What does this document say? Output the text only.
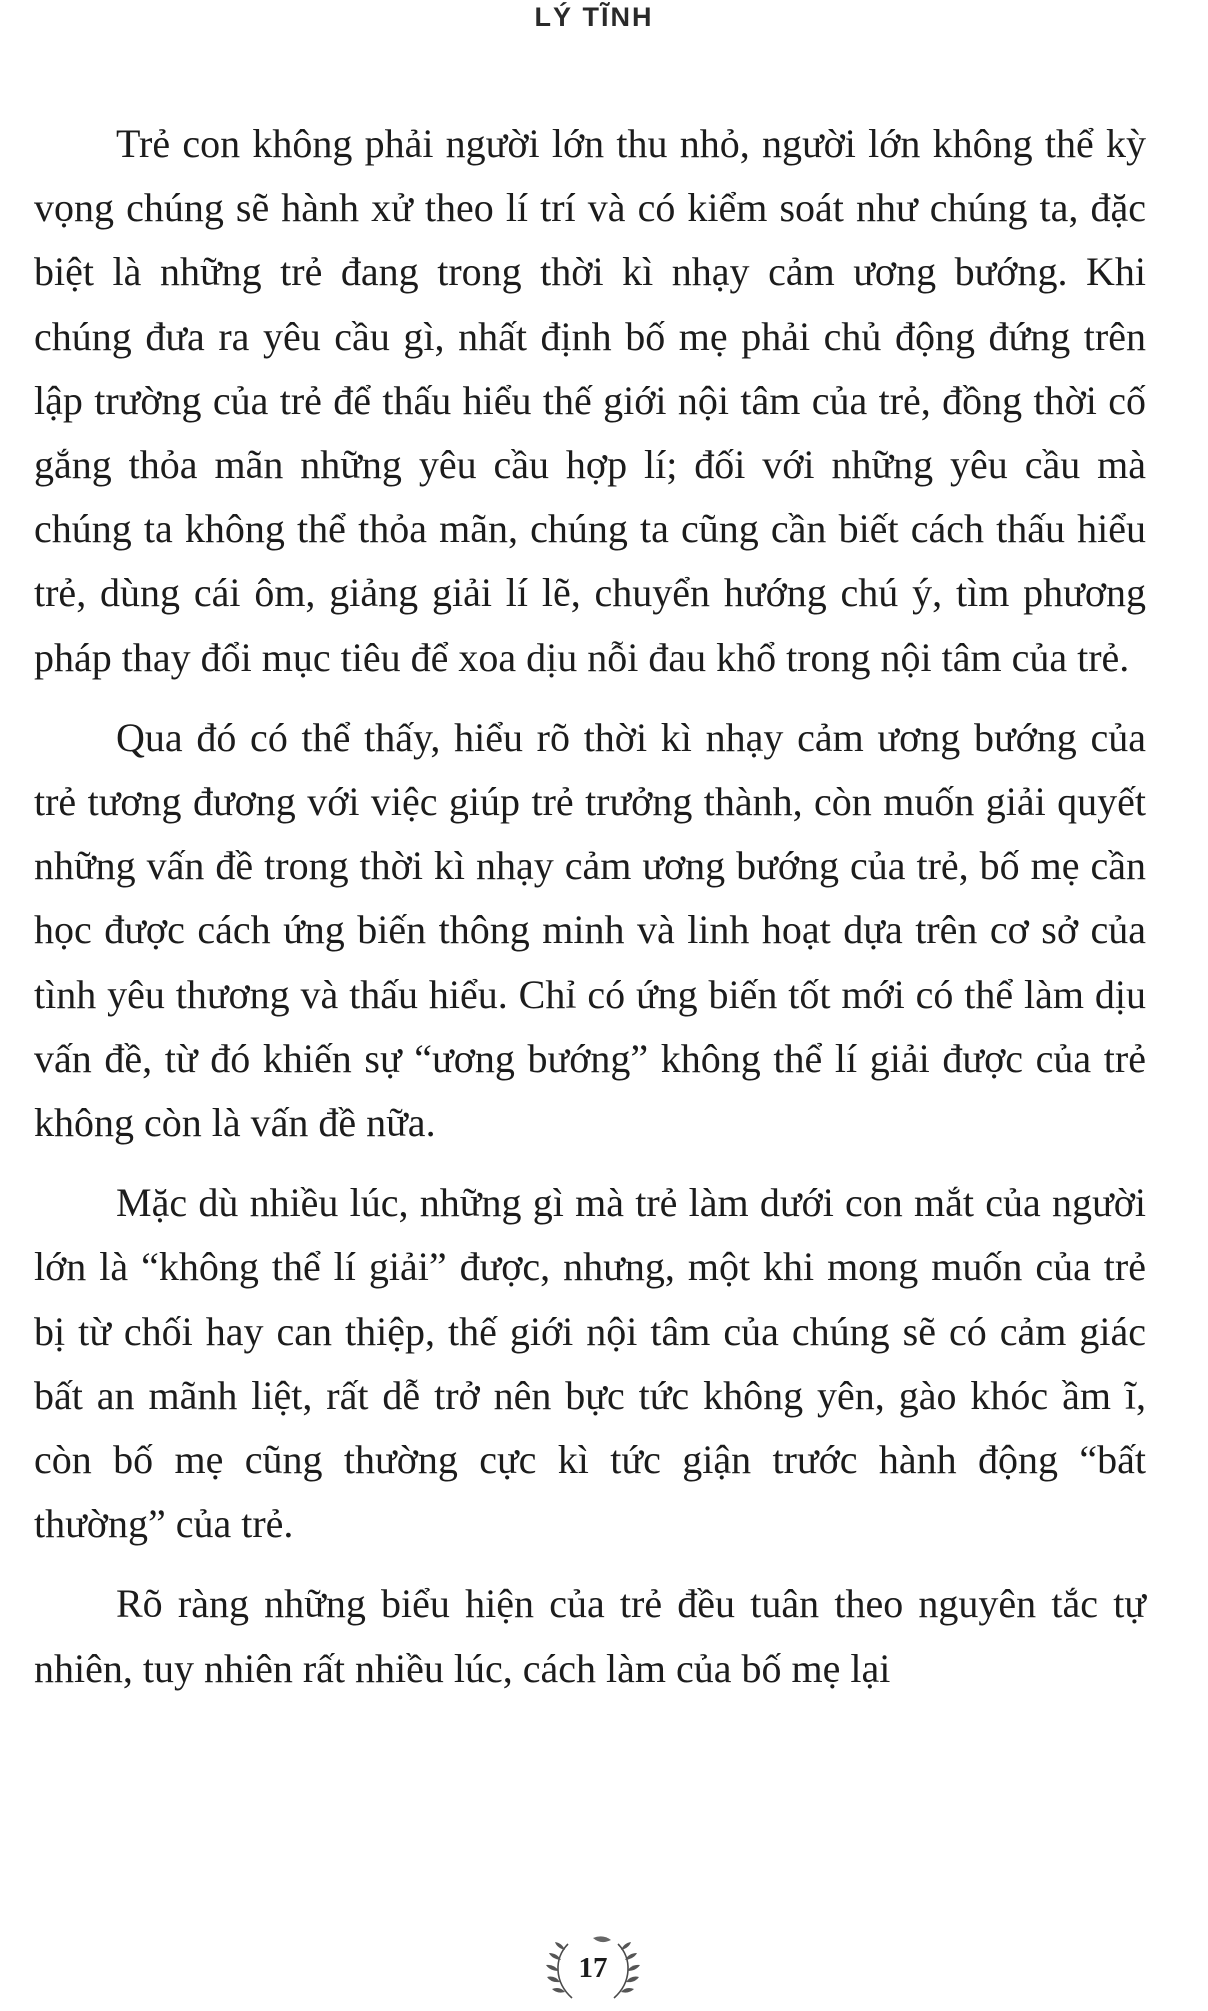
LÝ TĨNH

Trẻ con không phải người lớn thu nhỏ, người lớn không thể kỳ vọng chúng sẽ hành xử theo lí trí và có kiểm soát như chúng ta, đặc biệt là những trẻ đang trong thời kì nhạy cảm ương bướng. Khi chúng đưa ra yêu cầu gì, nhất định bố mẹ phải chủ động đứng trên lập trường của trẻ để thấu hiểu thế giới nội tâm của trẻ, đồng thời cố gắng thỏa mãn những yêu cầu hợp lí; đối với những yêu cầu mà chúng ta không thể thỏa mãn, chúng ta cũng cần biết cách thấu hiểu trẻ, dùng cái ôm, giảng giải lí lẽ, chuyển hướng chú ý, tìm phương pháp thay đổi mục tiêu để xoa dịu nỗi đau khổ trong nội tâm của trẻ.

Qua đó có thể thấy, hiểu rõ thời kì nhạy cảm ương bướng của trẻ tương đương với việc giúp trẻ trưởng thành, còn muốn giải quyết những vấn đề trong thời kì nhạy cảm ương bướng của trẻ, bố mẹ cần học được cách ứng biến thông minh và linh hoạt dựa trên cơ sở của tình yêu thương và thấu hiểu. Chỉ có ứng biến tốt mới có thể làm dịu vấn đề, từ đó khiến sự “ương bướng” không thể lí giải được của trẻ không còn là vấn đề nữa.

Mặc dù nhiều lúc, những gì mà trẻ làm dưới con mắt của người lớn là “không thể lí giải” được, nhưng, một khi mong muốn của trẻ bị từ chối hay can thiệp, thế giới nội tâm của chúng sẽ có cảm giác bất an mãnh liệt, rất dễ trở nên bực tức không yên, gào khóc ầm ĩ, còn bố mẹ cũng thường cực kì tức giận trước hành động “bất thường” của trẻ.

Rõ ràng những biểu hiện của trẻ đều tuân theo nguyên tắc tự nhiên, tuy nhiên rất nhiều lúc, cách làm của bố mẹ lại

17
